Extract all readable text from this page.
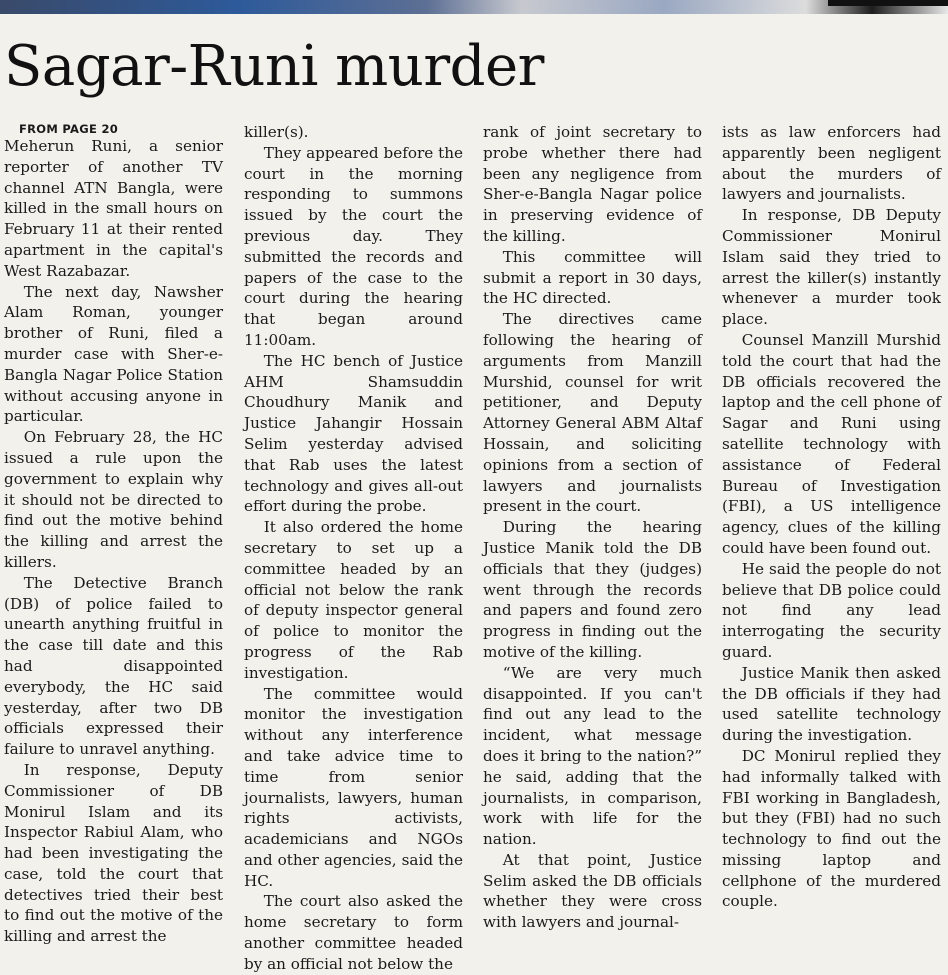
Sagar-Runi murder

FROM PAGE 20

Meherun Runi, a senior reporter of another TV channel ATN Bangla, were killed in the small hours on February 11 at their rented apartment in the capital's West Razabazar.

The next day, Nawsher Alam Roman, younger brother of Runi, filed a murder case with Sher-e-Bangla Nagar Police Station without accusing anyone in particular.

On February 28, the HC issued a rule upon the government to explain why it should not be directed to find out the motive behind the killing and arrest the killers.

The Detective Branch (DB) of police failed to unearth anything fruitful in the case till date and this had disappointed everybody, the HC said yesterday, after two DB officials expressed their failure to unravel anything.

In response, Deputy Commissioner of DB Monirul Islam and its Inspector Rabiul Alam, who had been investigating the case, told the court that detectives tried their best to find out the motive of the killing and arrest the

killer(s).

They appeared before the court in the morning responding to summons issued by the court the previous day. They submitted the records and papers of the case to the court during the hearing that began around 11:00am.

The HC bench of Justice AHM Shamsuddin Choudhury Manik and Justice Jahangir Hossain Selim yesterday advised that Rab uses the latest technology and gives all-out effort during the probe.

It also ordered the home secretary to set up a committee headed by an official not below the rank of deputy inspector general of police to monitor the progress of the Rab investigation.

The committee would monitor the investigation without any interference and take advice time to time from senior journalists, lawyers, human rights activists, academicians and NGOs and other agencies, said the HC.

The court also asked the home secretary to form another committee headed by an official not below the

rank of joint secretary to probe whether there had been any negligence from Sher-e-Bangla Nagar police in preserving evidence of the killing.

This committee will submit a report in 30 days, the HC directed.

The directives came following the hearing of arguments from Manzill Murshid, counsel for writ petitioner, and Deputy Attorney General ABM Altaf Hossain, and soliciting opinions from a section of lawyers and journalists present in the court.

During the hearing Justice Manik told the DB officials that they (judges) went through the records and papers and found zero progress in finding out the motive of the killing.

“We are very much disappointed. If you can't find out any lead to the incident, what message does it bring to the nation?” he said, adding that the journalists, in comparison, work with life for the nation.

At that point, Justice Selim asked the DB officials whether they were cross with lawyers and journal-

ists as law enforcers had apparently been negligent about the murders of lawyers and journalists.

In response, DB Deputy Commissioner Monirul Islam said they tried to arrest the killer(s) instantly whenever a murder took place.

Counsel Manzill Murshid told the court that had the DB officials recovered the laptop and the cell phone of Sagar and Runi using satellite technology with assistance of Federal Bureau of Investigation (FBI), a US intelligence agency, clues of the killing could have been found out.

He said the people do not believe that DB police could not find any lead interrogating the security guard.

Justice Manik then asked the DB officials if they had used satellite technology during the investigation.

DC Monirul replied they had informally talked with FBI working in Bangladesh, but they (FBI) had no such technology to find out the missing laptop and cellphone of the murdered couple.
